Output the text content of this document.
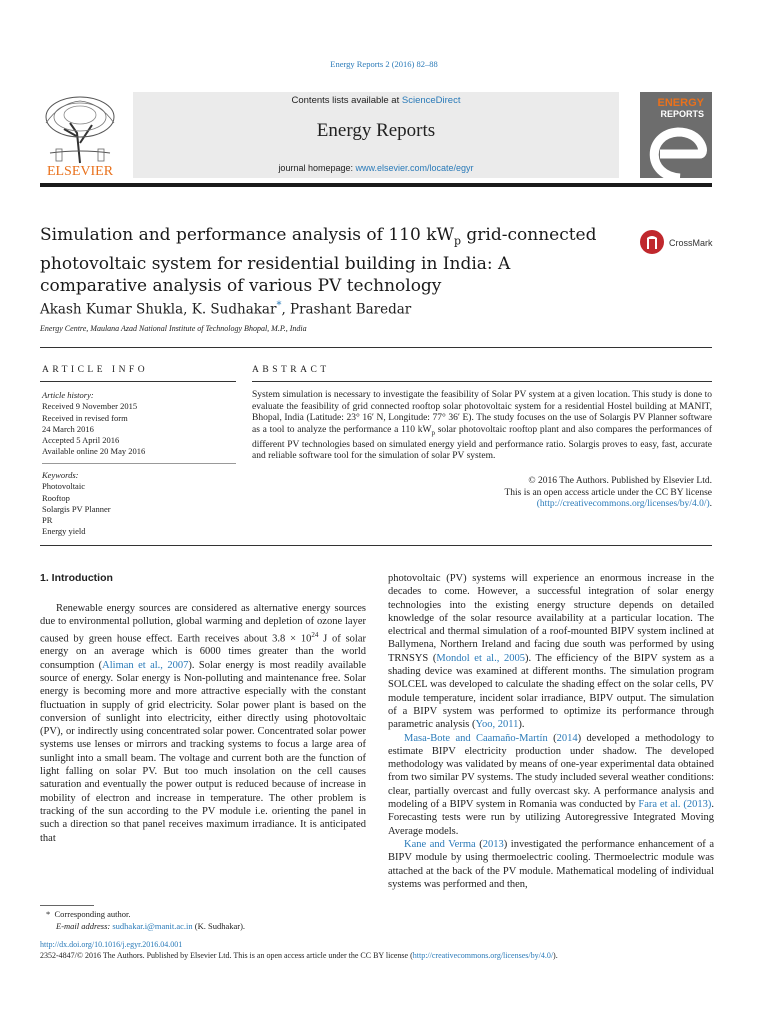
Energy Reports 2 (2016) 82–88
ELSEVIER
Contents lists available at ScienceDirect
Energy Reports
journal homepage: www.elsevier.com/locate/egyr
ENERGY
REPORTS
Simulation and performance analysis of 110 $kW_p$ grid-connected photovoltaic system for residential building in India: A comparative analysis of various PV technology
CrossMark
Akash Kumar Shukla, K. Sudhakar*, Prashant Baredar
Energy Centre, Maulana Azad National Institute of Technology Bhopal, M.P., India
ARTICLE INFO
Article history:
Received 9 November 2015
Received in revised form
24 March 2016
Accepted 5 April 2016
Available online 20 May 2016
Keywords:
Photovoltaic
Rooftop
Solargis PV Planner
PR
Energy yield
ABSTRACT
System simulation is necessary to investigate the feasibility of Solar PV system at a given location. This study is done to evaluate the feasibility of grid connected rooftop solar photovoltaic system for a residential Hostel building at MANIT, Bhopal, India (Latitude: 23° 16′ N, Longitude: 77° 36′ E). The study focuses on the use of Solargis PV Planner software as a tool to analyze the performance a 110 $kW_p$ solar photovoltaic rooftop plant and also compares the performances of different PV technologies based on simulated energy yield and performance ratio. Solargis proves to easy, fast, accurate and reliable software tool for the simulation of solar PV system.
© 2016 The Authors. Published by Elsevier Ltd.
This is an open access article under the CC BY license
(http://creativecommons.org/licenses/by/4.0/).
1. Introduction

Renewable energy sources are considered as alternative energy sources due to environmental pollution, global warming and depletion of ozone layer caused by green house effect. Earth receives about $3.8 \times 10^{24}$ J of solar energy on an average which is 6000 times greater than the world consumption (Aliman et al., 2007). Solar energy is most readily available source of energy. Solar energy is Non-polluting and maintenance free. Solar energy is becoming more and more attractive especially with the constant fluctuation in supply of grid electricity. Solar power plant is based on the conversion of sunlight into electricity, either directly using photovoltaic (PV), or indirectly using concentrated solar power. Concentrated solar power systems use lenses or mirrors and tracking systems to focus a large area of sunlight into a small beam. The voltage and current both are the function of light falling on solar PV. But too much insolation on the cell causes saturation and eventually the power output is reduced because of increase in mobility of electron and increase in temperature. The other problem is tracking of the sun according to the PV module i.e. orienting the panel in such a direction so that panel receives maximum irradiance. It is anticipated that

photovoltaic (PV) systems will experience an enormous increase in the decades to come. However, a successful integration of solar energy technologies into the existing energy structure depends on detailed knowledge of the solar resource availability at a particular location. The electrical and thermal simulation of a roof-mounted BIPV system inclined at Ballymena, Northern Ireland and facing due south was performed by using TRNSYS (Mondol et al., 2005). The efficiency of the BIPV system as a shading device was examined at different months. The simulation program SOLCEL was developed to calculate the shading effect on the solar cells, PV module temperature, incident solar irradiance, BIPV output. The simulation of a BIPV system was performed to optimize its performance through parametric analysis (Yoo, 2011).

Masa-Bote and Caamaño-Martín (2014) developed a methodology to estimate BIPV electricity production under shadow. The developed methodology was validated by means of one-year experimental data obtained from two similar PV systems. The study included several weather conditions: clear, partially overcast and fully overcast sky. A performance analysis and modeling of a BIPV system in Romania was conducted by Fara et al. (2013). Forecasting tests were run by utilizing Autoregressive Integrated Moving Average models.

Kane and Verma (2013) investigated the performance enhancement of a BIPV module by using thermoelectric cooling. Thermoelectric module was attached at the back of the PV module. Mathematical modeling of individual systems was performed and then,

* Corresponding author.
E-mail address: sudhakar.i@manit.ac.in (K. Sudhakar).
http://dx.doi.org/10.1016/j.egyr.2016.04.001
2352-4847/© 2016 The Authors. Published by Elsevier Ltd. This is an open access article under the CC BY license (http://creativecommons.org/licenses/by/4.0/).
